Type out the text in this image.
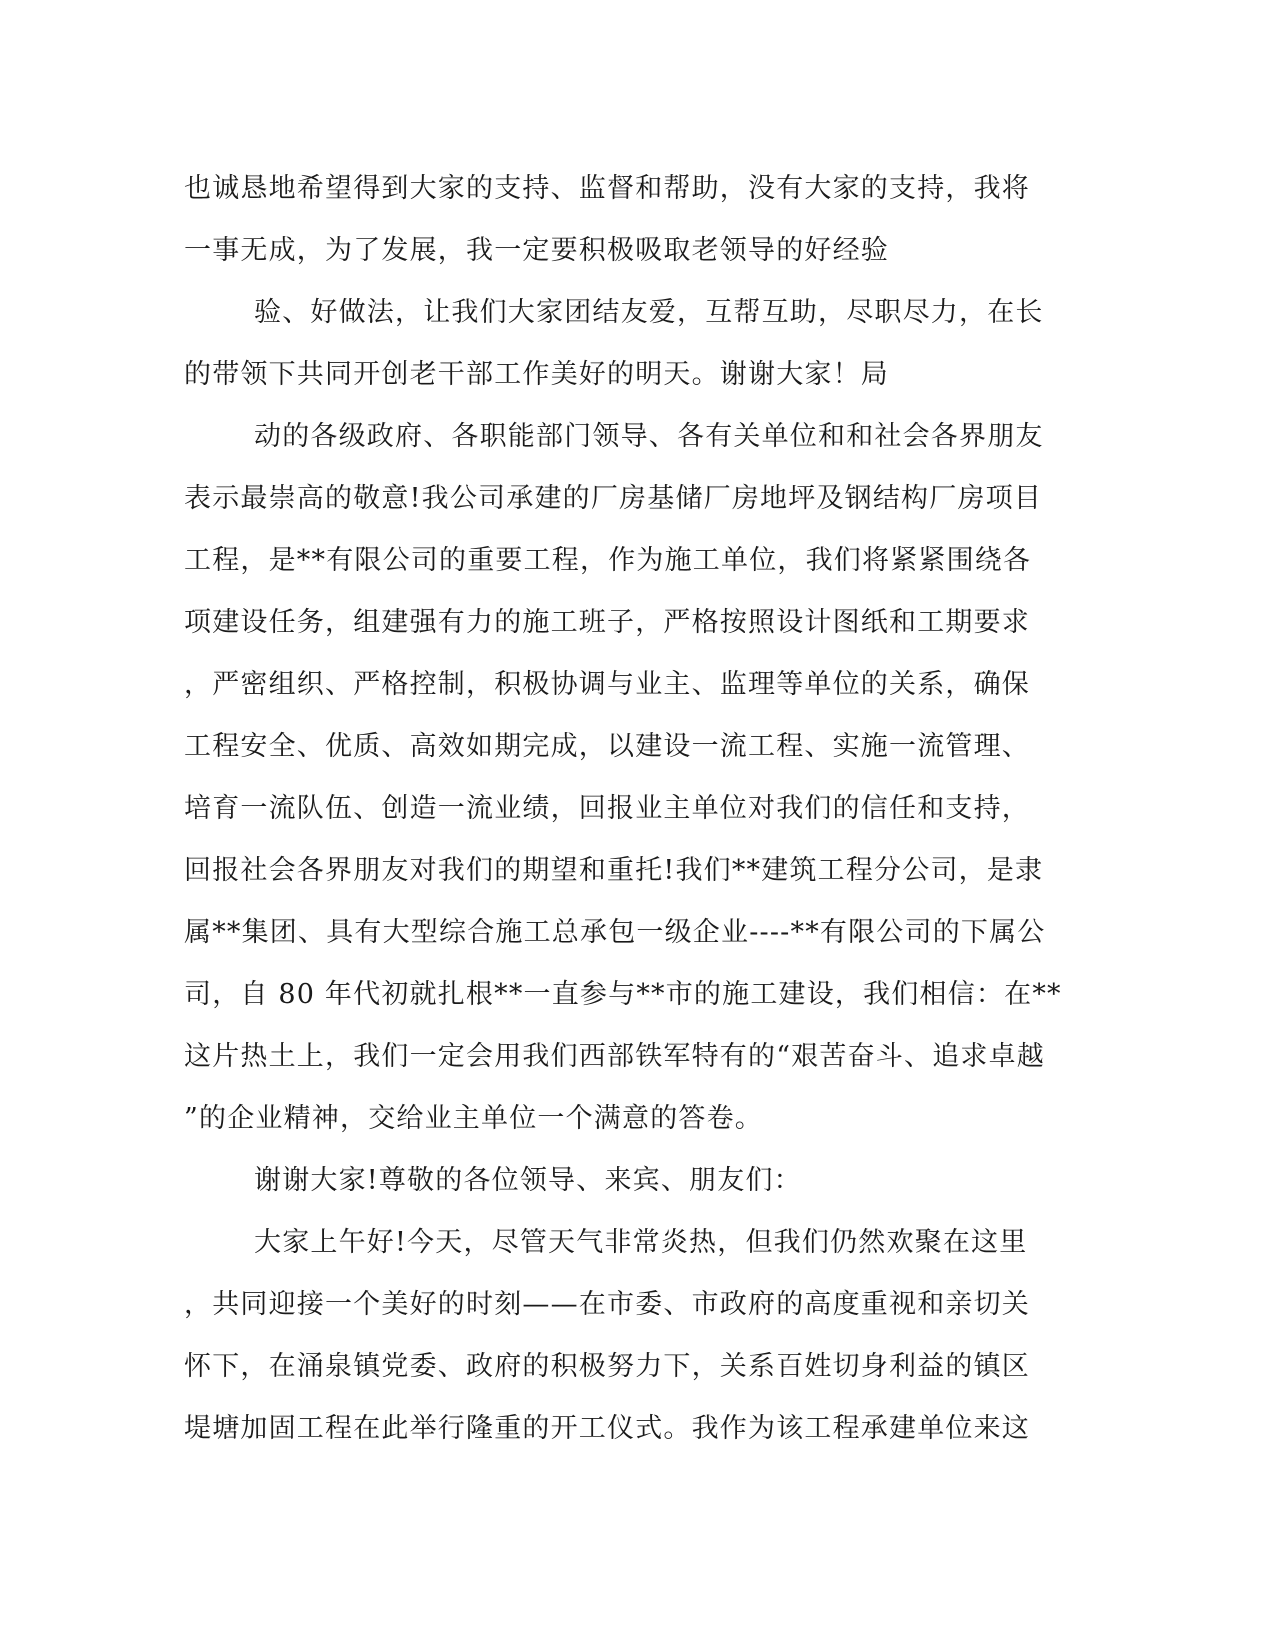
也诚恳地希望得到大家的支持、监督和帮助，没有大家的支持，我将
一事无成，为了发展，我一定要积极吸取老领导的好经验
验、好做法，让我们大家团结友爱，互帮互助，尽职尽力，在长
的带领下共同开创老干部工作美好的明天。谢谢大家！局
动的各级政府、各职能部门领导、各有关单位和和社会各界朋友
表示最崇高的敬意!我公司承建的厂房基储厂房地坪及钢结构厂房项目
工程，是**有限公司的重要工程，作为施工单位，我们将紧紧围绕各
项建设任务，组建强有力的施工班子，严格按照设计图纸和工期要求
，严密组织、严格控制，积极协调与业主、监理等单位的关系，确保
工程安全、优质、高效如期完成，以建设一流工程、实施一流管理、
培育一流队伍、创造一流业绩，回报业主单位对我们的信任和支持，
回报社会各界朋友对我们的期望和重托!我们**建筑工程分公司，是隶
属**集团、具有大型综合施工总承包一级企业----**有限公司的下属公
司，自 80 年代初就扎根**一直参与**市的施工建设，我们相信：在**
这片热土上，我们一定会用我们西部铁军特有的“艰苦奋斗、追求卓越
”的企业精神，交给业主单位一个满意的答卷。
谢谢大家!尊敬的各位领导、来宾、朋友们：
大家上午好!今天，尽管天气非常炎热，但我们仍然欢聚在这里
，共同迎接一个美好的时刻——在市委、市政府的高度重视和亲切关
怀下，在涌泉镇党委、政府的积极努力下，关系百姓切身利益的镇区
堤塘加固工程在此举行隆重的开工仪式。我作为该工程承建单位来这
